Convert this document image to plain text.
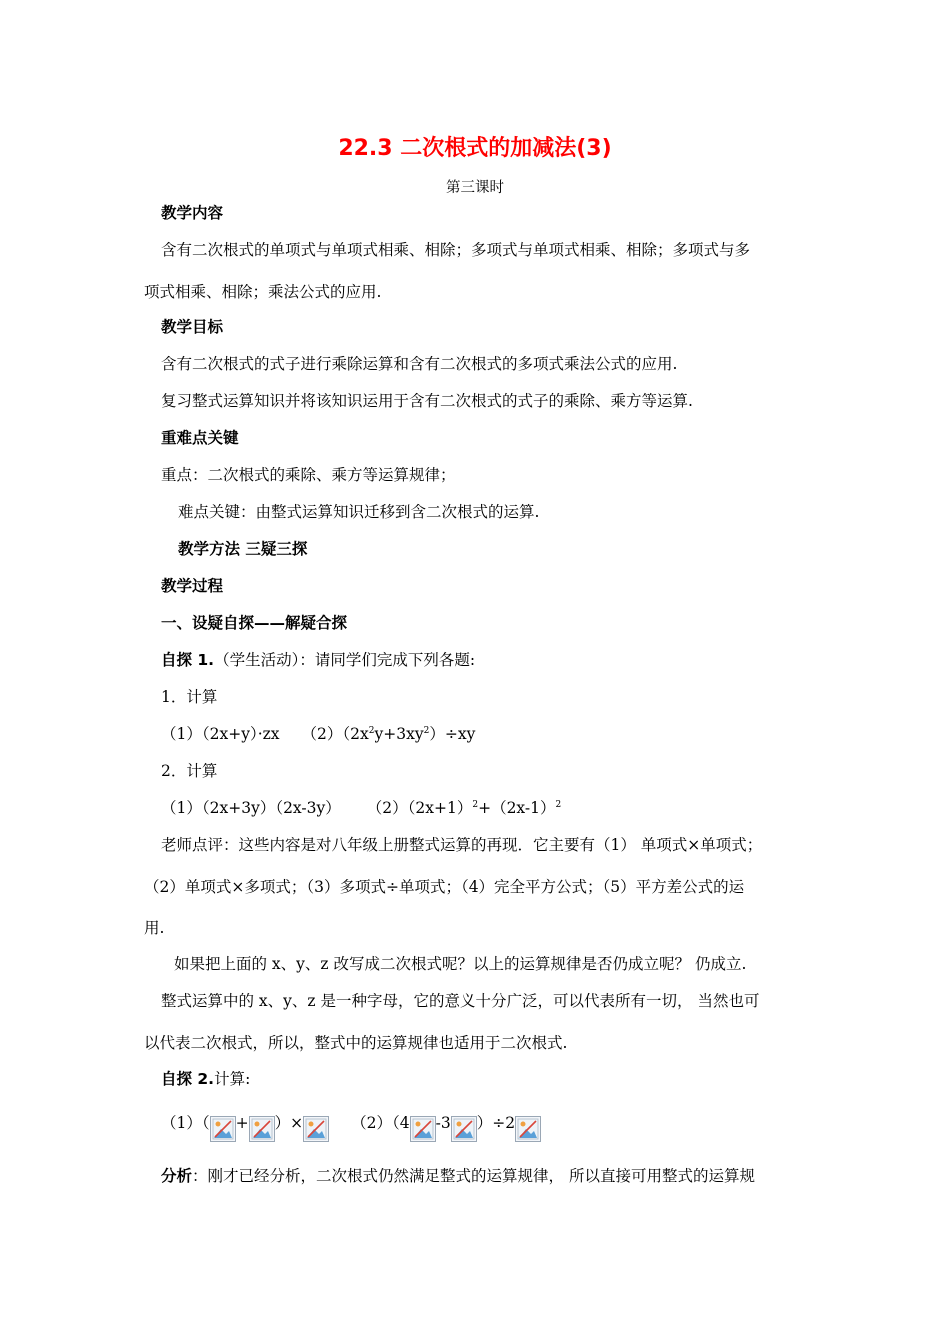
22.3 二次根式的加减法(3)
第三课时
教学内容
含有二次根式的单项式与单项式相乘、相除；多项式与单项式相乘、相除；多项式与多
项式相乘、相除；乘法公式的应用.
教学目标
含有二次根式的式子进行乘除运算和含有二次根式的多项式乘法公式的应用.
复习整式运算知识并将该知识运用于含有二次根式的式子的乘除、乘方等运算.
重难点关键
重点：二次根式的乘除、乘方等运算规律；
难点关键：由整式运算知识迁移到含二次根式的运算.
教学方法 三疑三探
教学过程
一、设疑自探——解疑合探
自探 1.（学生活动）：请同学们完成下列各题:
1．计算
（1）（2x+y）·zx $(2)(2x^2y+3xy^2)\div xy$
2．计算
（1）（2x+3y）（2x-3y） $(2)(2x+1)^2+(2x-1)^2$
老师点评：这些内容是对八年级上册整式运算的再现．它主要有（1） 单项式×单项式；
（2）单项式×多项式；（3）多项式÷单项式；（4）完全平方公式；（5）平方差公式的运
用.
如果把上面的 x、y、z 改写成二次根式呢？以上的运算规律是否仍成立呢？ 仍成立.
整式运算中的 x、y、z 是一种字母，它的意义十分广泛，可以代表所有一切， 当然也可
以代表二次根式，所以，整式中的运算规律也适用于二次根式.
自探 2.计算:
（1）（ + ）×	（2）（4 -3 ）÷2
分析：刚才已经分析，二次根式仍然满足整式的运算规律， 所以直接可用整式的运算规
